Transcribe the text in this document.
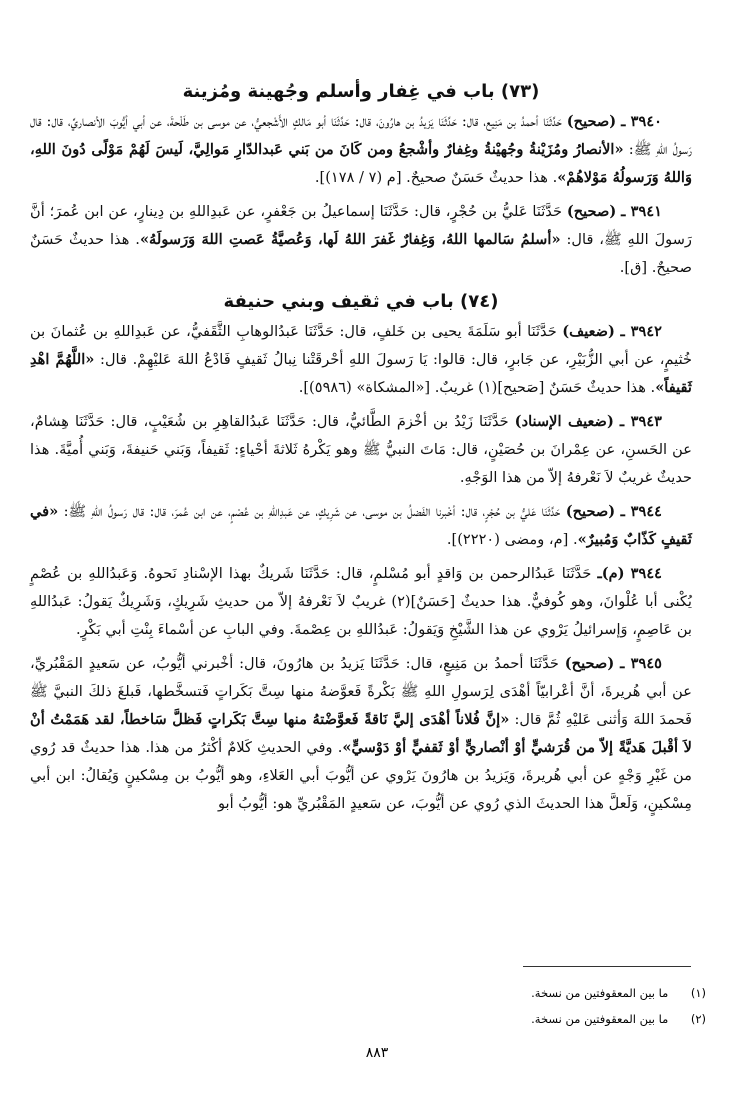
(٧٣) باب في غِفار وأسلم وجُهينة ومُزينة

٣٩٤٠ ـ (صحيح) حَدَّثَنَا أحمدُ بن مَنِيع، قال: حَدَّثَنَا يَزيدُ بن هارُونَ، قال: حَدَّثَنَا أبو مَالكٍ الأَشْجعيُّ، عن موسى بن طَلْحةَ، عن أبي أيُّوبَ الأنصاريِّ، قال: قال رَسولُ اللهِ ﷺ: «الأنصارُ ومُزَيْنةُ وجُهيْنةُ وغِفارٌ وأشْجعُ ومن كَانَ من بَني عَبدالدّارِ مَوالِيَّ، لَيسَ لَهُمْ مَوْلًى دُونَ اللهِ، وَاللهُ وَرَسولُهُ مَوْلاهُمْ». هذا حديثٌ حَسَنٌ صحيحٌ. [م (٧ / ١٧٨)].

٣٩٤١ ـ (صحيح) حَدَّثَنَا عَليُّ بن حُجْرٍ، قال: حَدَّثَنَا إسماعيلُ بن جَعْفرٍ، عن عَبدِاللهِ بن دِينارٍ، عن ابن عُمرَ؛ أنَّ رَسولَ اللهِ ﷺ، قال: «أسلمُ سَالمها اللهُ، وَغِفارٌ غَفرَ اللهُ لَها، وَعُصيَّةُ عَصتِ اللهَ وَرَسولَهُ». هذا حديثٌ حَسَنٌ صحيحٌ. [ق].

(٧٤) باب في ثقيف وبني حنيفة

٣٩٤٢ ـ (ضعيف) حَدَّثَنَا أبو سَلَمَةَ يحيى بن خَلفٍ، قال: حَدَّثَنَا عَبدُالوهابِ الثَّقَفيُّ، عن عَبدِاللهِ بن عُثمانَ بن خُثيمٍ، عن أبي الزُّبَيْرِ، عن جَابرٍ، قال: قالوا: يَا رَسولَ اللهِ أحْرقَتْنا نِبالُ ثَقيفٍ فَادْعُ اللهَ عَليْهِمْ. قال: «اللَّهُمَّ اهْدِ ثَقيفاً». هذا حديثٌ حَسَنٌ [صَحيح](١) غريبٌ. [«المشكاة» (٥٩٨٦)].

٣٩٤٣ ـ (ضعيف الإسناد) حَدَّثَنَا زَيْدُ بن أخْزمَ الطَّائيُّ، قال: حَدَّثَنَا عَبدُالقاهِرِ بن شُعَيْبٍ، قال: حَدَّثَنَا هِشامٌ، عن الحَسنِ، عن عِمْرانَ بن حُصَيْنٍ، قال: مَاتَ النبيُّ ﷺ وهو يَكْرهُ ثَلاثةَ أحْياءٍ: ثَقيفاً، وَبَني حَنيفةَ، وَبَني أُميَّةَ. هذا حديثٌ غريبٌ لاَ نَعْرفهُ إلاّ من هذا الوَجْهِ.

٣٩٤٤ ـ (صحيح) حَدَّثَنَا عَليُّ بن حُجْرٍ، قال: أخْبرنا الفَضلُ بن موسى، عن شَرِيكٍ، عن عَبدِاللهِ بن عُصْمٍ، عن ابن عُمرَ، قال: قال رَسولُ اللهِ ﷺ: «في ثَقيفٍ كَذّابٌ وَمُبيرٌ». [م، ومضى (٢٢٢٠)].

٣٩٤٤ (م)ـ حَدَّثَنَا عَبدُالرحمن بن وَاقدٍ أبو مُسْلمٍ، قال: حَدَّثَنَا شَريكٌ بهذا الإسْنادِ نَحوهُ. وَعَبدُاللهِ بن عُصْمٍ يُكْنى أبا عُلْوانَ، وهو كُوفيٌّ. هذا حديثٌ [حَسَنٌ](٢) غريبٌ لاَ نَعْرفهُ إلاّ من حديثِ شَرِيكٍ، وَشَرِيكٌ يَقولُ: عَبدُاللهِ بن عَاصِمٍ، وَإسرائيلُ يَرْوي عن هذا الشَّيْخِ وَيَقولُ: عَبدُاللهِ بن عِصْمةَ. وفي البابِ عن أسْماءَ بِنْتِ أبي بَكْرٍ.

٣٩٤٥ ـ (صحيح) حَدَّثَنَا أحمدُ بن مَنِيعٍ، قال: حَدَّثَنَا يَزيدُ بن هارُونَ، قال: أخْبرني أيُّوبُ، عن سَعيدٍ المَقْبُريِّ، عن أبي هُريرةَ، أنَّ أعْرابيّاً أهْدَى لِرَسولِ اللهِ ﷺ بَكْرةً فَعوَّضهُ منها سِتَّ بَكَراتٍ فَتسخَّطها، فَبلغَ ذلكَ النبيَّ ﷺ فَحمدَ اللهَ وَأثنى عَليْهِ ثُمَّ قال: «إنَّ فُلاناً أهْدَى إليَّ نَاقةً فَعوَّضْتهُ منها سِتَّ بَكَراتٍ فَظلَّ سَاخطاً، لقد هَمَمْتُ أنْ لاَ أقْبلَ هَديَّةً إلاّ من قُرَشيٍّ أوْ أنْصاريٍّ أوْ ثَقفيٍّ أوْ دَوْسيٍّ». وفي الحديثِ كَلامٌ أكْثرُ من هذا. هذا حديثٌ قد رُوي من غَيْرِ وَجْهٍ عن أبي هُريرةَ، وَيَزيدُ بن هارُونَ يَرْوي عن أيُّوبَ أبي العَلاءِ، وهو أيُّوبُ بن مِسْكينٍ وَيُقالُ: ابن أبي مِسْكينٍ، وَلَعلَّ هذا الحديثَ الذي رُوي عن أيُّوبَ، عن سَعيدٍ المَقْبُريِّ هو: أيُّوبُ أبو

(١) ما بين المعقوفتين من نسخة.
(٢) ما بين المعقوفتين من نسخة.
٨٨٣
